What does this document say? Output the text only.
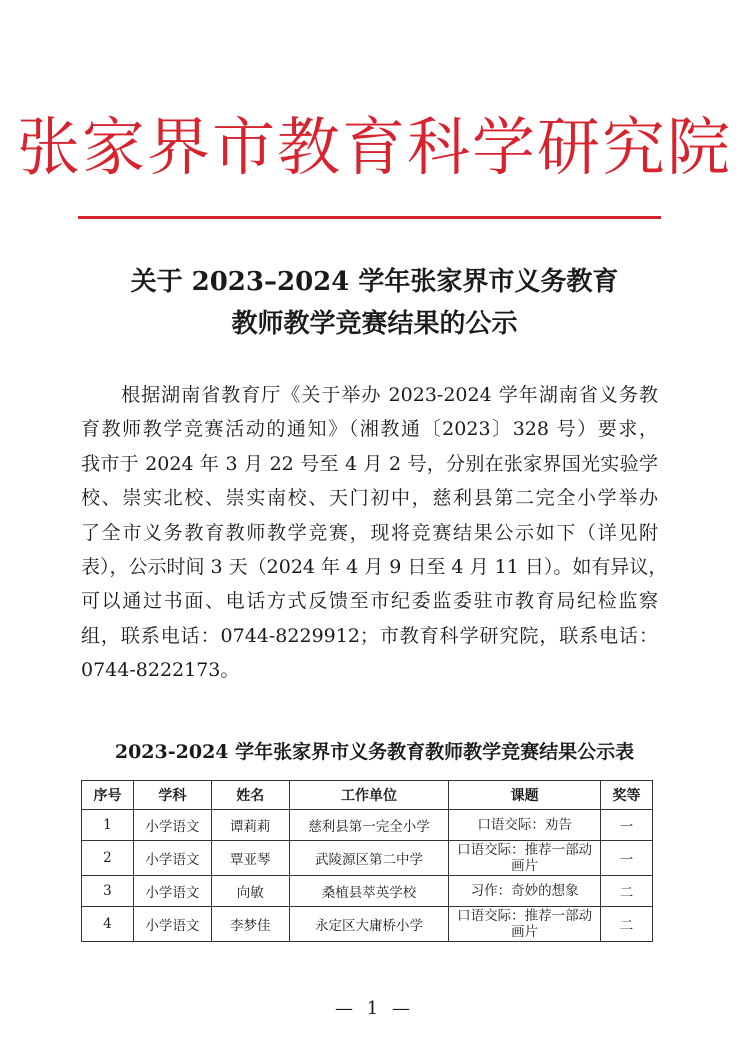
张家界市教育科学研究院
关于 2023–2024 学年张家界市义务教育
教师教学竞赛结果的公示
　　根据湖南省教育厅《关于举办 2023-2024 学年湖南省义务教
育教师教学竞赛活动的通知》（湘教通〔2023〕328 号）要求，
我市于 2024 年 3 月 22 号至 4 月 2 号，分别在张家界国光实验学
校、崇实北校、崇实南校、天门初中，慈利县第二完全小学举办
了全市义务教育教师教学竞赛，现将竞赛结果公示如下（详见附
表），公示时间 3 天（2024 年 4 月 9 日至 4 月 11 日）。如有异议，
可以通过书面、电话方式反馈至市纪委监委驻市教育局纪检监察
组，联系电话：0744-8229912；市教育科学研究院，联系电话：
0744-8222173。
2023-2024 学年张家界市义务教育教师教学竞赛结果公示表
序号	学科	姓名	工作单位	课题	奖等
1	小学语文	谭莉莉	慈利县第一完全小学	口语交际：劝告	一
2	小学语文	覃亚琴	武陵源区第二中学	口语交际：推荐一部动画片	一
3	小学语文	向敏	桑植县萃英学校	习作：奇妙的想象	二
4	小学语文	李梦佳	永定区大庸桥小学	口语交际：推荐一部动画片	二
— 1 —
